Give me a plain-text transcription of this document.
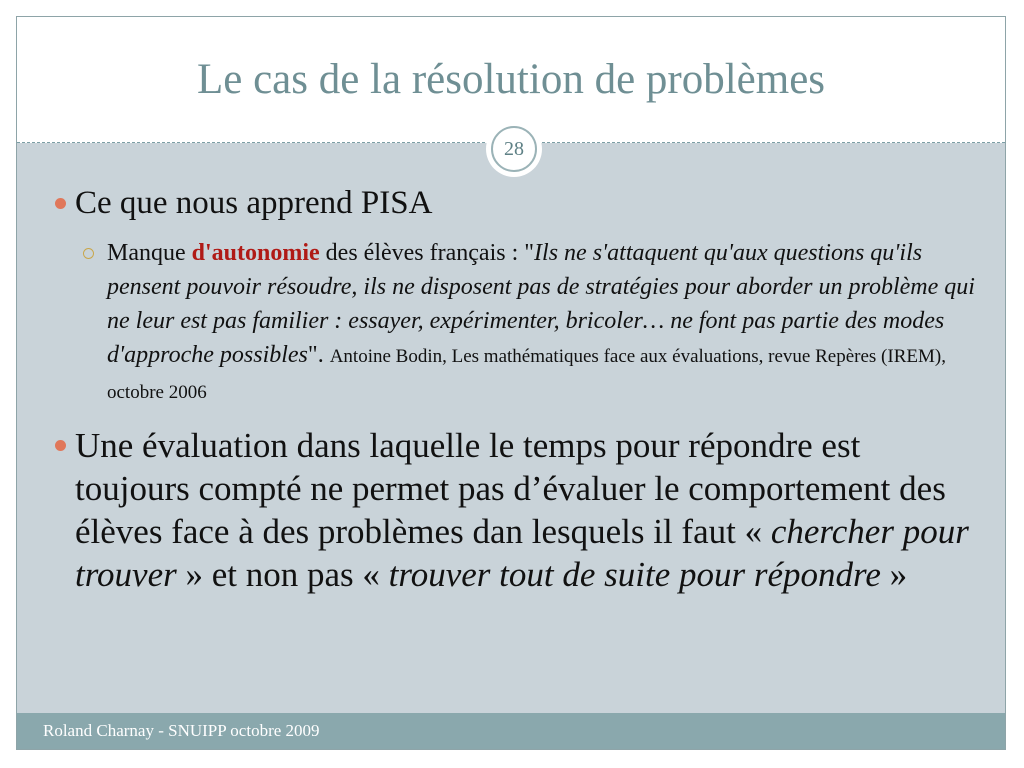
Le cas de la résolution de problèmes
28
Ce que nous apprend PISA
Manque d'autonomie des élèves français : "Ils ne s'attaquent qu'aux questions qu'ils pensent pouvoir résoudre, ils ne disposent pas de stratégies pour aborder un problème qui ne leur est pas familier : essayer, expérimenter, bricoler… ne font pas partie des modes d'approche possibles". Antoine Bodin, Les mathématiques face aux évaluations, revue Repères (IREM), octobre 2006
Une évaluation dans laquelle le temps pour répondre est toujours compté ne permet pas d’évaluer le comportement des élèves face à des problèmes dan lesquels il faut « chercher pour trouver » et non pas « trouver tout de suite pour répondre »
Roland Charnay - SNUIPP octobre 2009
